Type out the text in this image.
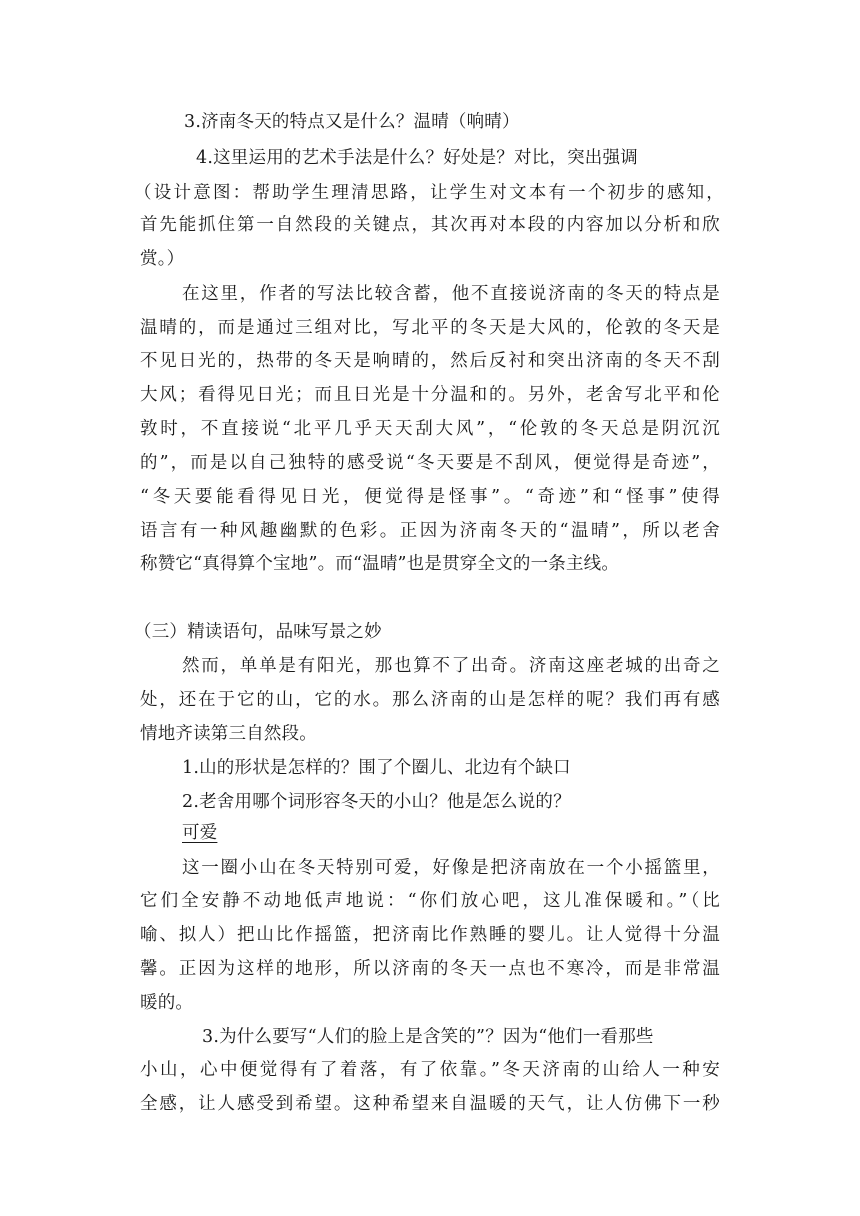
3.济南冬天的特点又是什么？温晴（响晴）
4.这里运用的艺术手法是什么？好处是？对比，突出强调
（设计意图：帮助学生理清思路，让学生对文本有一个初步的感知，
首先能抓住第一自然段的关键点，其次再对本段的内容加以分析和欣
赏。）
在这里，作者的写法比较含蓄，他不直接说济南的冬天的特点是
温晴的，而是通过三组对比，写北平的冬天是大风的，伦敦的冬天是
不见日光的，热带的冬天是响晴的，然后反衬和突出济南的冬天不刮
大风；看得见日光；而且日光是十分温和的。另外，老舍写北平和伦
敦时，不直接说“北平几乎天天刮大风”，“伦敦的冬天总是阴沉沉
的”，而是以自己独特的感受说“冬天要是不刮风，便觉得是奇迹”，
“冬天要能看得见日光，便觉得是怪事”。“奇迹”和“怪事”使得
语言有一种风趣幽默的色彩。正因为济南冬天的“温晴”，所以老舍
称赞它“真得算个宝地”。而“温晴”也是贯穿全文的一条主线。
（三）精读语句，品味写景之妙
然而，单单是有阳光，那也算不了出奇。济南这座老城的出奇之
处，还在于它的山，它的水。那么济南的山是怎样的呢？我们再有感
情地齐读第三自然段。
1.山的形状是怎样的？围了个圈儿、北边有个缺口
2.老舍用哪个词形容冬天的小山？他是怎么说的？
可爱
这一圈小山在冬天特别可爱，好像是把济南放在一个小摇篮里，
它们全安静不动地低声地说：“你们放心吧，这儿准保暖和。”（比
喻、拟人）把山比作摇篮，把济南比作熟睡的婴儿。让人觉得十分温
馨。正因为这样的地形，所以济南的冬天一点也不寒冷，而是非常温
暖的。
3.为什么要写“人们的脸上是含笑的”？因为“他们一看那些
小山，心中便觉得有了着落，有了依靠。”冬天济南的山给人一种安
全感，让人感受到希望。这种希望来自温暖的天气，让人仿佛下一秒
